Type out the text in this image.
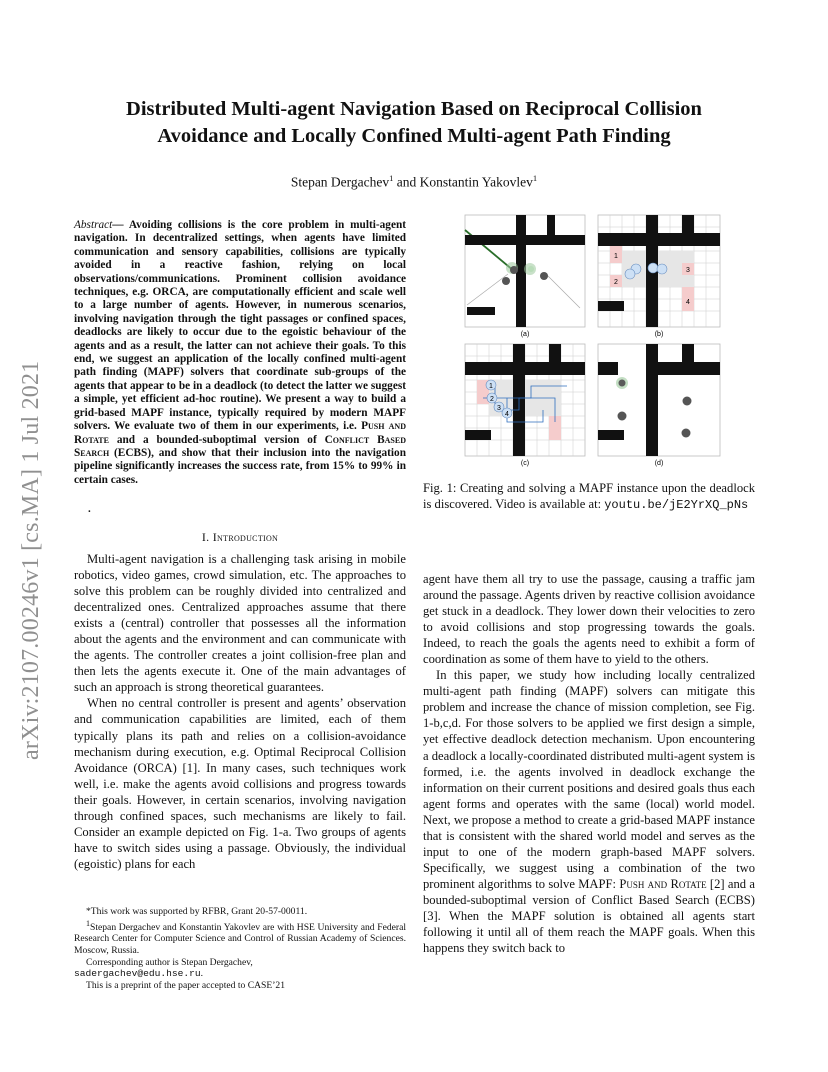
Distributed Multi-agent Navigation Based on Reciprocal Collision
Avoidance and Locally Confined Multi-agent Path Finding
Stepan Dergachev$^1$ and Konstantin Yakovlev$^1$
arXiv:2107.00246v1 [cs.MA] 1 Jul 2021
Abstract— Avoiding collisions is the core problem in multi-agent navigation. In decentralized settings, when agents have limited communication and sensory capabilities, collisions are typically avoided in a reactive fashion, relying on local observations/communications. Prominent collision avoidance techniques, e.g. ORCA, are computationally efficient and scale well to a large number of agents. However, in numerous scenarios, involving navigation through the tight passages or confined spaces, deadlocks are likely to occur due to the egoistic behaviour of the agents and as a result, the latter can not achieve their goals. To this end, we suggest an application of the locally confined multi-agent path finding (MAPF) solvers that coordinate sub-groups of the agents that appear to be in a deadlock (to detect the latter we suggest a simple, yet efficient ad-hoc routine). We present a way to build a grid-based MAPF instance, typically required by modern MAPF solvers. We evaluate two of them in our experiments, i.e. Push and Rotate and a bounded-suboptimal version of Conflict Based Search (ECBS), and show that their inclusion into the navigation pipeline significantly increases the success rate, from 15% to 99% in certain cases.
.
I. Introduction

Multi-agent navigation is a challenging task arising in mobile robotics, video games, crowd simulation, etc. The approaches to solve this problem can be roughly divided into centralized and decentralized ones. Centralized approaches assume that there exists a (central) controller that possesses all the information about the agents and the environment and can communicate with the agents. The controller creates a joint collision-free plan and then lets the agents execute it. One of the main advantages of such an approach is strong theoretical guarantees.

When no central controller is present and agents’ observation and communication capabilities are limited, each of them typically plans its path and relies on a collision-avoidance mechanism during execution, e.g. Optimal Reciprocal Collision Avoidance (ORCA) [1]. In many cases, such techniques work well, i.e. make the agents avoid collisions and progress towards their goals. However, in certain scenarios, involving navigation through confined spaces, such mechanisms are likely to fail. Consider an example depicted on Fig. 1-a. Two groups of agents have to switch sides using a passage. Obviously, the individual (egoistic) plans for each

*This work was supported by RFBR, Grant 20-57-00011.

$^1$Stepan Dergachev and Konstantin Yakovlev are with HSE University and Federal Research Center for Computer Science and Control of Russian Academy of Sciences. Moscow, Russia.

Corresponding author is Stepan Dergachev,
sadergachev@edu.hse.ru.

This is a preprint of the paper accepted to CASE’21

(a)
1
2
3
4
(b)
1
2
3
4
(c)	(d)
Fig. 1: Creating and solving a MAPF instance upon the deadlock is discovered. Video is available at: youtu.be/jE2YrXQ_pNs

agent have them all try to use the passage, causing a traffic jam around the passage. Agents driven by reactive collision avoidance get stuck in a deadlock. They lower down their velocities to zero to avoid collisions and stop progressing towards the goals. Indeed, to reach the goals the agents need to exhibit a form of coordination as some of them have to yield to the others.

In this paper, we study how including locally centralized multi-agent path finding (MAPF) solvers can mitigate this problem and increase the chance of mission completion, see Fig. 1-b,c,d. For those solvers to be applied we first design a simple, yet effective deadlock detection mechanism. Upon encountering a deadlock a locally-coordinated distributed multi-agent system is formed, i.e. the agents involved in deadlock exchange the information on their current positions and desired goals thus each agent forms and operates with the same (local) world model. Next, we propose a method to create a grid-based MAPF instance that is consistent with the shared world model and serves as the input to one of the modern graph-based MAPF solvers. Specifically, we suggest using a combination of the two prominent algorithms to solve MAPF: Push and Rotate [2] and a bounded-suboptimal version of Conflict Based Search (ECBS) [3]. When the MAPF solution is obtained all agents start following it until all of them reach the MAPF goals. When this happens they switch back to
